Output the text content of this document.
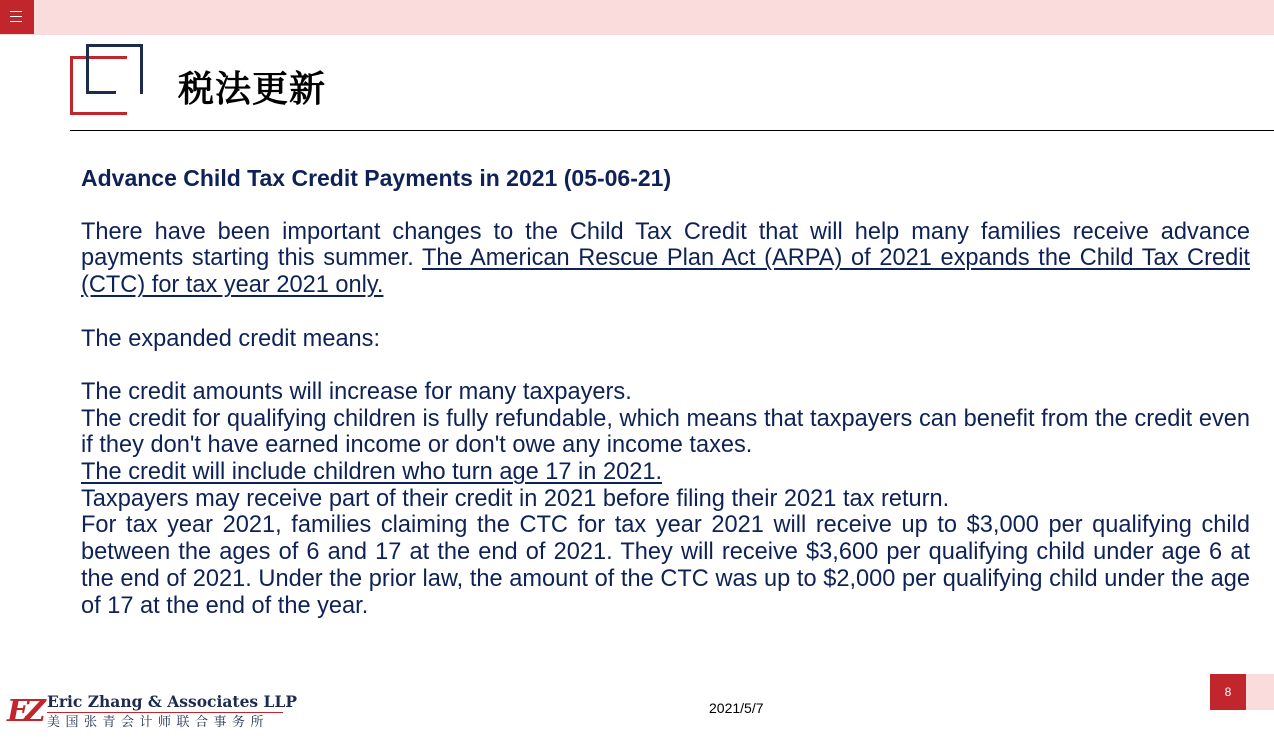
税法更新

Advance Child Tax Credit Payments in 2021 (05-06-21)

There have been important changes to the Child Tax Credit that will help many families receive advance payments starting this summer. The American Rescue Plan Act (ARPA) of 2021 expands the Child Tax Credit (CTC) for tax year 2021 only.

The expanded credit means:

The credit amounts will increase for many taxpayers.

The credit for qualifying children is fully refundable, which means that taxpayers can benefit from the credit even if they don't have earned income or don't owe any income taxes.

The credit will include children who turn age 17 in 2021.

Taxpayers may receive part of their credit in 2021 before filing their 2021 tax return.

For tax year 2021, families claiming the CTC for tax year 2021 will receive up to $3,000 per qualifying child between the ages of 6 and 17 at the end of 2021. They will receive $3,600 per qualifying child under age 6 at the end of 2021. Under the prior law, the amount of the CTC was up to $2,000 per qualifying child under the age of 17 at the end of the year.

EZ Eric Zhang & Associates LLP
美国张青会计师联合事务所
2021/5/7
8
